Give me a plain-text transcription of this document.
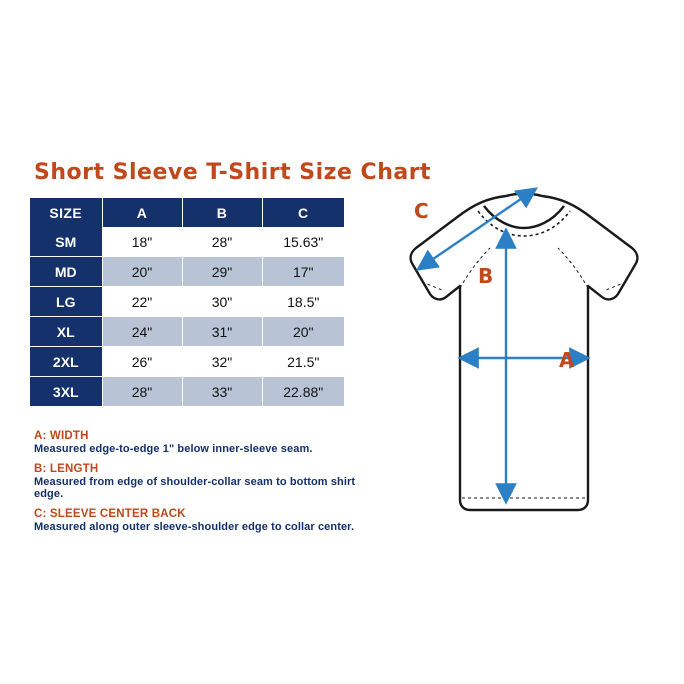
Short Sleeve T-Shirt Size Chart
SIZE	A	B	C
SM	18"	28"	15.63"
MD	20"	29"	17"
LG	22"	30"	18.5"
XL	24"	31"	20"
2XL	26"	32"	21.5"
3XL	28"	33"	22.88"
A: WIDTH
Measured edge-to-edge 1" below inner-sleeve seam.
B: LENGTH
Measured from edge of shoulder-collar seam to bottom shirt edge.
C: SLEEVE CENTER BACK
Measured along outer sleeve-shoulder edge to collar center.
A
B
C
